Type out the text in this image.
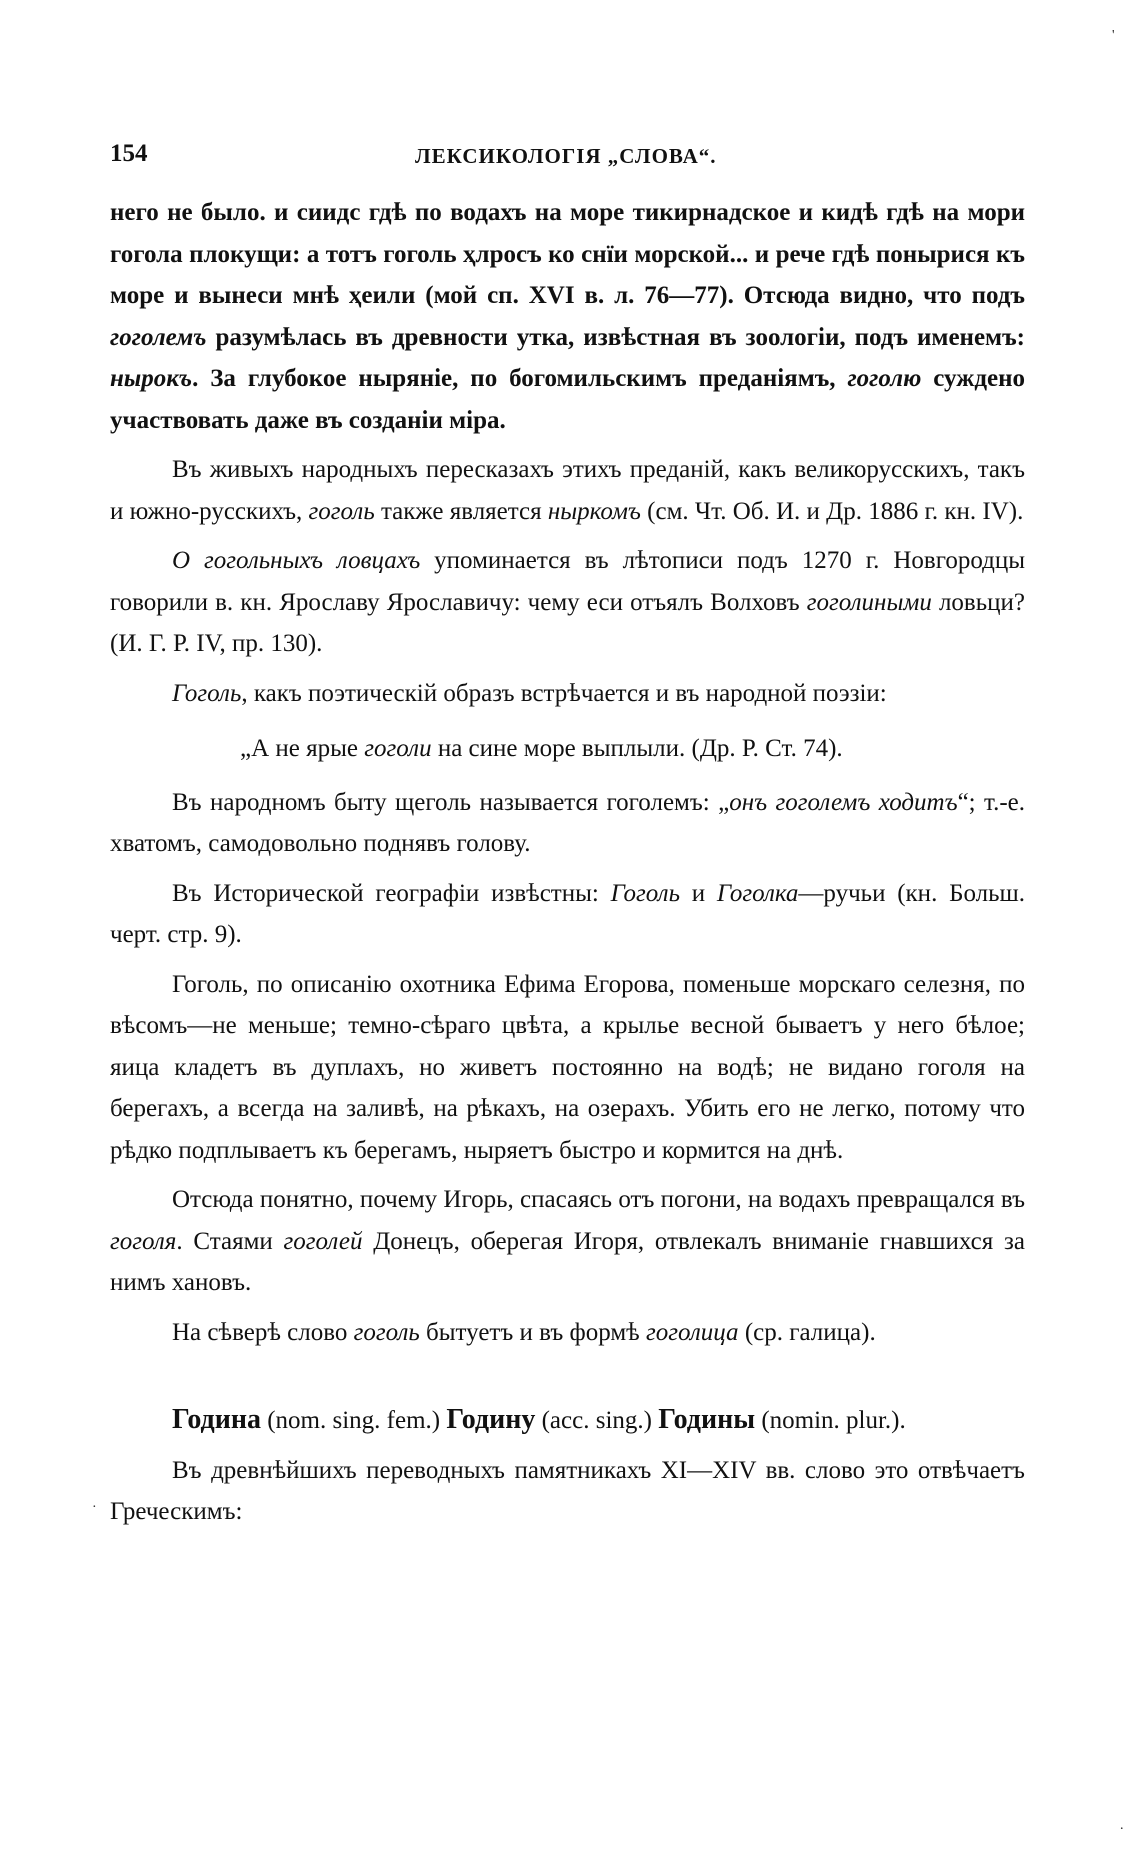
154	ЛЕКСИКОЛОГІЯ „СЛОВА“.

него не было. и сиидс гдѣ по водахъ на море тикирнадское и кидѣ гдѣ на мори гогола плокущи: а тотъ гоголь ҳлросъ ко снїи морской... и рече гдѣ понырися къ море и вынеси мнѣ ҳеили (мой сп. XVI в. л. 76—77). Отсюда видно, что подъ гоголемъ разумѣлась въ древности утка, извѣстная въ зоологіи, подъ именемъ: нырокъ. За глубокое ныряніе, по богомильскимъ преданіямъ, гоголю суждено участвовать даже въ созданіи міра.

Въ живыхъ народныхъ пересказахъ этихъ преданій, какъ великорусскихъ, такъ и южно-русскихъ, гоголь также является ныркомъ (см. Чт. Об. И. и Др. 1886 г. кн. IV).

О гогольныхъ ловцахъ упоминается въ лѣтописи подъ 1270 г. Новгородцы говорили в. кн. Ярославу Ярославичу: чему еси отъялъ Волховъ гоголиными ловьци? (И. Г. Р. IV, пр. 130).

Гоголь, какъ поэтическій образъ встрѣчается и въ народной поэзіи:

„А не ярые гоголи на сине море выплыли. (Др. Р. Ст. 74).

Въ народномъ быту щеголь называется гоголемъ: „онъ гоголемъ ходитъ“; т.-е. хватомъ, самодовольно поднявъ голову.

Въ Исторической географіи извѣстны: Гоголь и Гоголка—ручьи (кн. Больш. черт. стр. 9).

Гоголь, по описанію охотника Ефима Егорова, поменьше морскаго селезня, по вѣсомъ—не меньше; темно-сѣраго цвѣта, а крылье весной бываетъ у него бѣлое; яица кладетъ въ дуплахъ, но живетъ постоянно на водѣ; не видано гоголя на берегахъ, а всегда на заливѣ, на рѣкахъ, на озерахъ. Убить его не легко, потому что рѣдко подплываетъ къ берегамъ, ныряетъ быстро и кормится на днѣ.

Отсюда понятно, почему Игорь, спасаясь отъ погони, на водахъ превращался въ гоголя. Стаями гоголей Донецъ, оберегая Игоря, отвлекалъ вниманіе гнавшихся за нимъ хановъ.

На сѣверѣ слово гоголь бытуетъ и въ формѣ гоголица (ср. галица).

Година (nom. sing. fem.) Годину (acc. sing.) Годины (nomin. plur.).

Въ древнѣйшихъ переводныхъ памятникахъ XI—XIV вв. слово это отвѣчаетъ Греческимъ:

'
·
.
